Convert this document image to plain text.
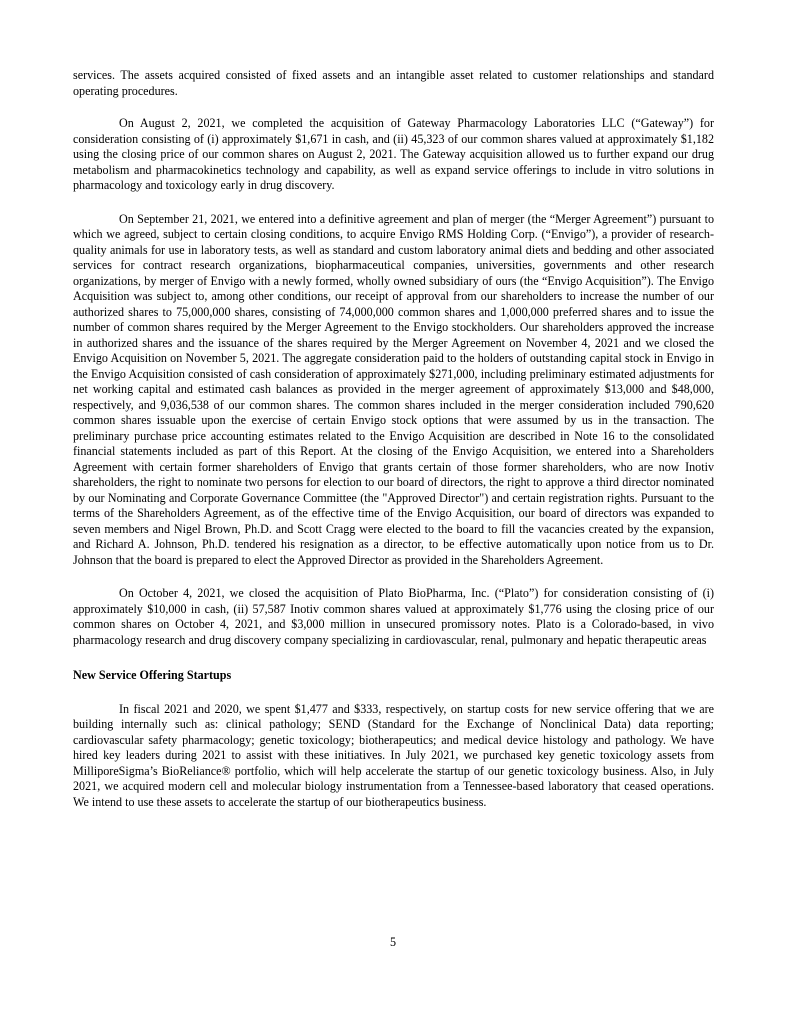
services. The assets acquired consisted of fixed assets and an intangible asset related to customer relationships and standard operating procedures.

On August 2, 2021, we completed the acquisition of Gateway Pharmacology Laboratories LLC (“Gateway”) for consideration consisting of (i) approximately $1,671 in cash, and (ii) 45,323 of our common shares valued at approximately $1,182 using the closing price of our common shares on August 2, 2021. The Gateway acquisition allowed us to further expand our drug metabolism and pharmacokinetics technology and capability, as well as expand service offerings to include in vitro solutions in pharmacology and toxicology early in drug discovery.

On September 21, 2021, we entered into a definitive agreement and plan of merger (the “Merger Agreement”) pursuant to which we agreed, subject to certain closing conditions, to acquire Envigo RMS Holding Corp. (“Envigo”), a provider of research-quality animals for use in laboratory tests, as well as standard and custom laboratory animal diets and bedding and other associated services for contract research organizations, biopharmaceutical companies, universities, governments and other research organizations, by merger of Envigo with a newly formed, wholly owned subsidiary of ours (the “Envigo Acquisition”). The Envigo Acquisition was subject to, among other conditions, our receipt of approval from our shareholders to increase the number of our authorized shares to 75,000,000 shares, consisting of 74,000,000 common shares and 1,000,000 preferred shares and to issue the number of common shares required by the Merger Agreement to the Envigo stockholders. Our shareholders approved the increase in authorized shares and the issuance of the shares required by the Merger Agreement on November 4, 2021 and we closed the Envigo Acquisition on November 5, 2021. The aggregate consideration paid to the holders of outstanding capital stock in Envigo in the Envigo Acquisition consisted of cash consideration of approximately $271,000, including preliminary estimated adjustments for net working capital and estimated cash balances as provided in the merger agreement of approximately $13,000 and $48,000, respectively, and 9,036,538 of our common shares. The common shares included in the merger consideration included 790,620 common shares issuable upon the exercise of certain Envigo stock options that were assumed by us in the transaction. The preliminary purchase price accounting estimates related to the Envigo Acquisition are described in Note 16 to the consolidated financial statements included as part of this Report. At the closing of the Envigo Acquisition, we entered into a Shareholders Agreement with certain former shareholders of Envigo that grants certain of those former shareholders, who are now Inotiv shareholders, the right to nominate two persons for election to our board of directors, the right to approve a third director nominated by our Nominating and Corporate Governance Committee (the "Approved Director") and certain registration rights. Pursuant to the terms of the Shareholders Agreement, as of the effective time of the Envigo Acquisition, our board of directors was expanded to seven members and Nigel Brown, Ph.D. and Scott Cragg were elected to the board to fill the vacancies created by the expansion, and Richard A. Johnson, Ph.D. tendered his resignation as a director, to be effective automatically upon notice from us to Dr. Johnson that the board is prepared to elect the Approved Director as provided in the Shareholders Agreement.

On October 4, 2021, we closed the acquisition of Plato BioPharma, Inc. (“Plato”) for consideration consisting of (i) approximately $10,000 in cash, (ii) 57,587 Inotiv common shares valued at approximately $1,776 using the closing price of our common shares on October 4, 2021, and $3,000 million in unsecured promissory notes. Plato is a Colorado-based, in vivo pharmacology research and drug discovery company specializing in cardiovascular, renal, pulmonary and hepatic therapeutic areas

New Service Offering Startups

In fiscal 2021 and 2020, we spent $1,477 and $333, respectively, on startup costs for new service offering that we are building internally such as: clinical pathology; SEND (Standard for the Exchange of Nonclinical Data) data reporting; cardiovascular safety pharmacology; genetic toxicology; biotherapeutics; and medical device histology and pathology. We have hired key leaders during 2021 to assist with these initiatives. In July 2021, we purchased key genetic toxicology assets from MilliporeSigma’s BioReliance® portfolio, which will help accelerate the startup of our genetic toxicology business. Also, in July 2021, we acquired modern cell and molecular biology instrumentation from a Tennessee-based laboratory that ceased operations. We intend to use these assets to accelerate the startup of our biotherapeutics business.

5
